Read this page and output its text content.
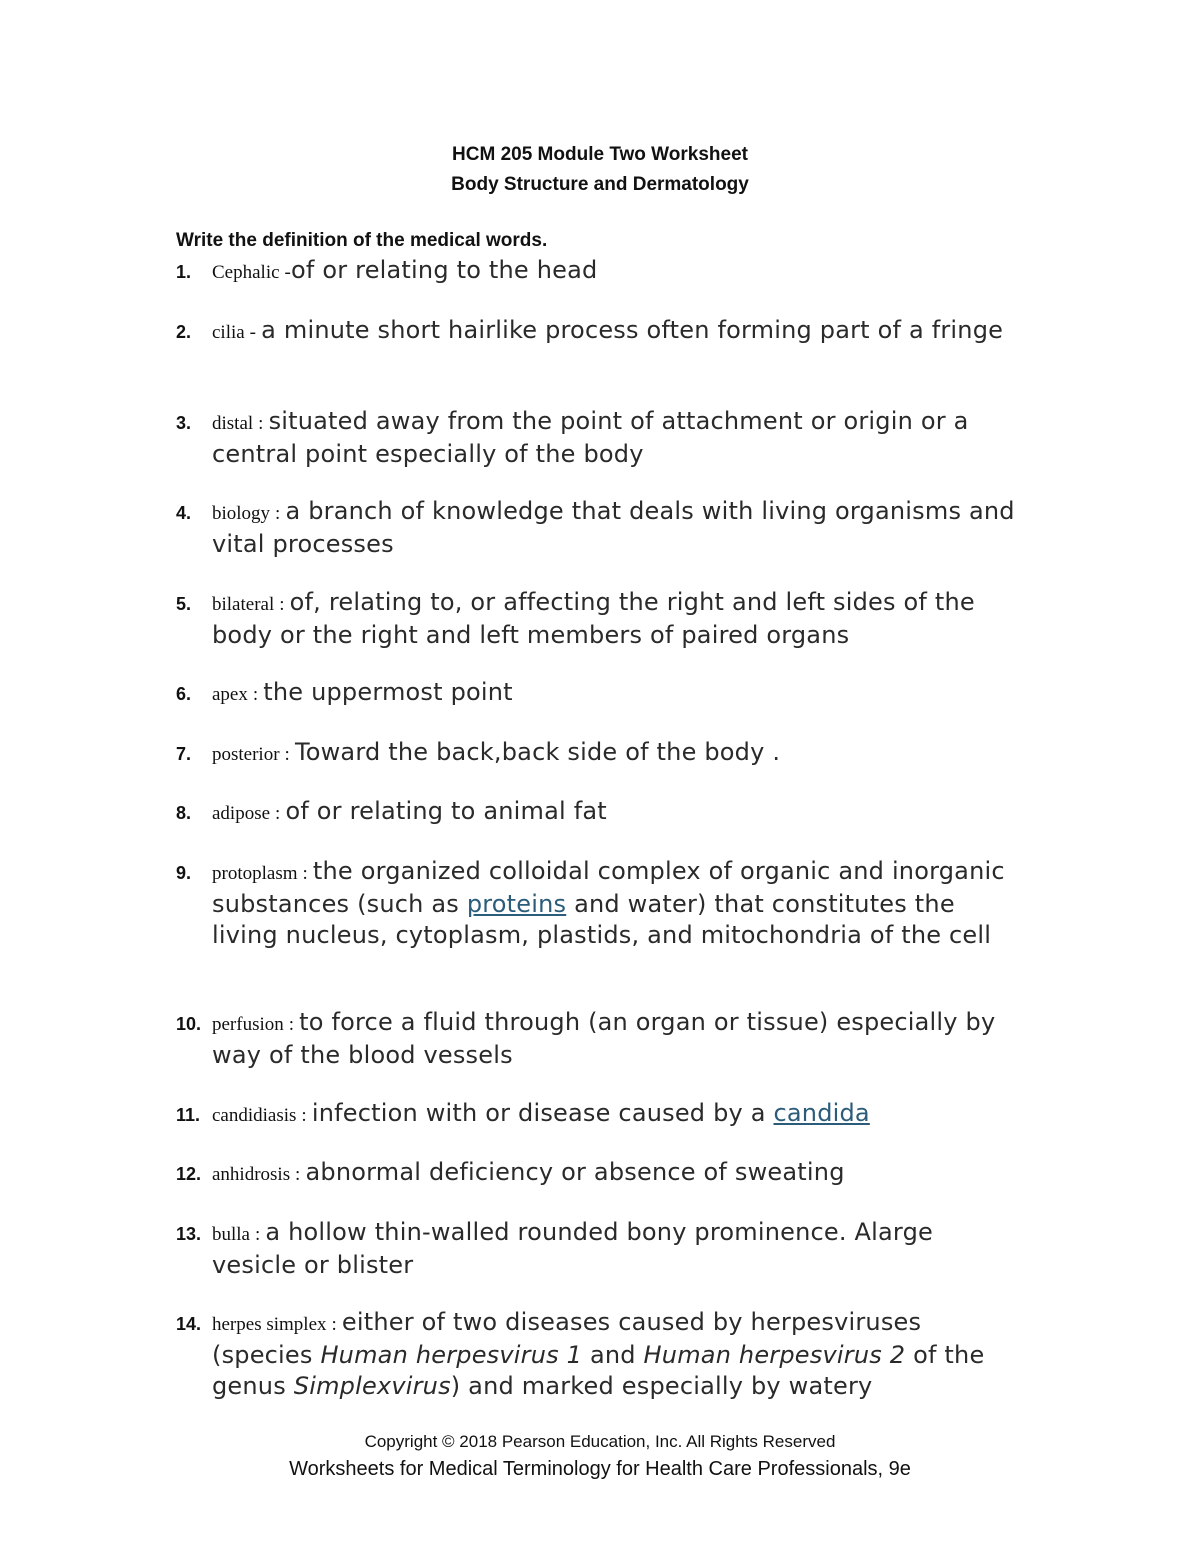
HCM 205 Module Two Worksheet
Body Structure and Dermatology
Write the definition of the medical words.
1.	Cephalic -of or relating to the head
2.	cilia - a minute short hairlike process often forming part of a fringe
3.	distal : situated away from the point of attachment or origin or a central point especially of the body
4.	biology : a branch of knowledge that deals with living organisms and vital processes
5.	bilateral : of, relating to, or affecting the right and left sides of the body or the right and left members of paired organs
6.	apex : the uppermost point
7.	posterior : Toward the back,back side of the body .
8.	adipose : of or relating to animal fat
9.	protoplasm : the organized colloidal complex of organic and inorganic substances (such as proteins and water) that constitutes the living nucleus, cytoplasm, plastids, and mitochondria of the cell
10. perfusion : to force a fluid through (an organ or tissue) especially by way of the blood vessels
11. candidiasis : infection with or disease caused by a candida
12. anhidrosis : abnormal deficiency or absence of sweating
13. bulla : a hollow thin-walled rounded bony prominence. Alarge vesicle or blister
14. herpes simplex : either of two diseases caused by herpesviruses (species Human herpesvirus 1 and Human herpesvirus 2 of the genus Simplexvirus) and marked especially by watery
Copyright © 2018 Pearson Education, Inc. All Rights Reserved
Worksheets for Medical Terminology for Health Care Professionals, 9e
